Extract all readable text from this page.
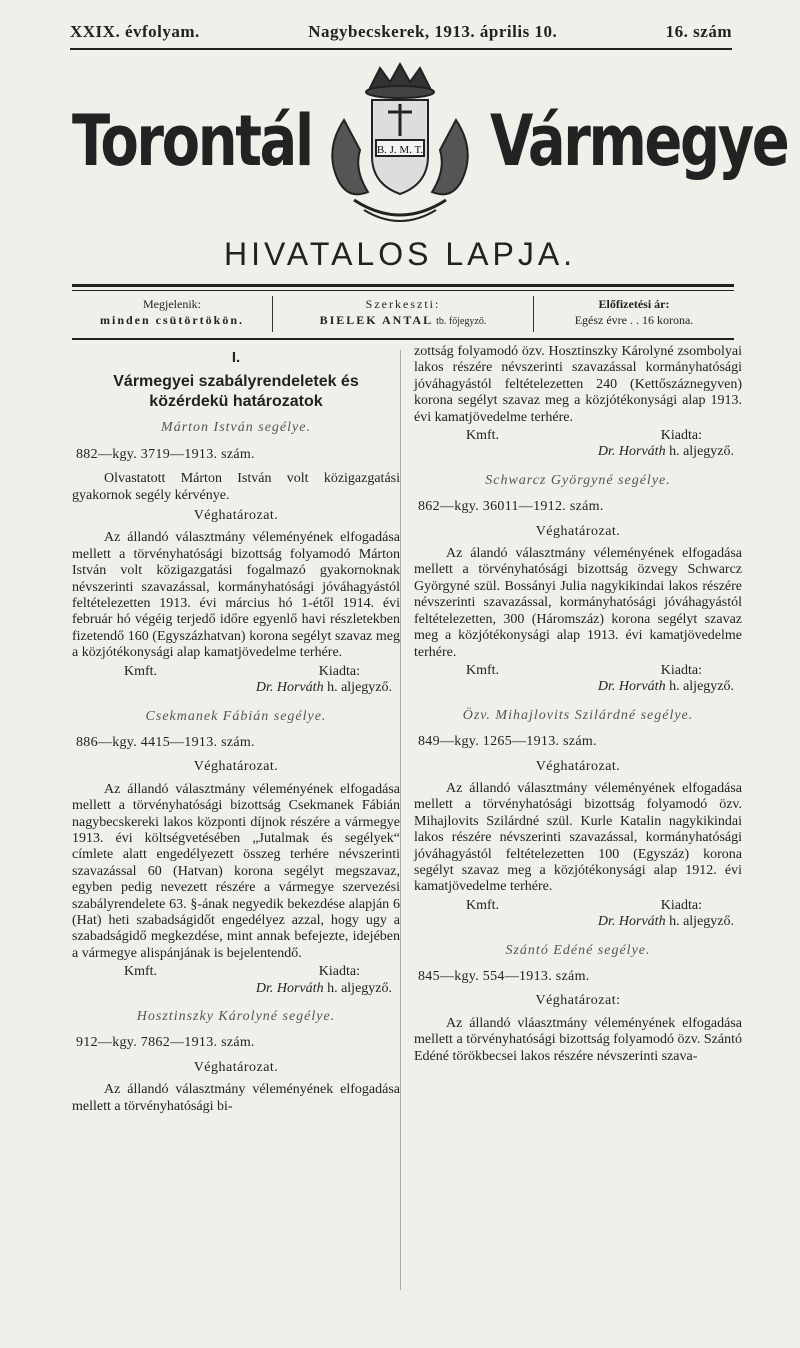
XXIX. évfolyam.	Nagybecskerek, 1913. április 10.	16. szám
Torontál	Vármegye
B. J. M. T.
HIVATALOS LAPJA.
Megjelenik:
minden csütörtökön.
Szerkeszti:
BIELEK ANTAL tb. főjegyző.
Előfizetési ár:
Egész évre . . 16 korona.
I.
Vármegyei szabályrendeletek és közérdekü határozatok
Márton István segélye.
882—kgy. 3719—1913. szám.

Olvastatott Márton István volt közigazgatási gyakornok segély kérvénye.

Véghatározat.

Az állandó választmány véleményének elfogadása mellett a törvényhatósági bizottság folyamodó Márton István volt közigazgatási fogalmazó gyakornoknak névszerinti szavazással, kormányhatósági jóváhagyástól feltételezetten 1913. évi március hó 1-étől 1914. évi február hó végéig terjedő időre egyenlő havi részletekben fizetendő 160 (Egyszázhatvan) korona segélyt szavaz meg a közjótékonysági alap kamatjövedelme terhére.

Kmft.	Kiadta:
Dr. Horváth h. aljegyző.
Csekmanek Fábián segélye.
886—kgy. 4415—1913. szám.
Véghatározat.

Az állandó választmány véleményének elfogadása mellett a törvényhatósági bizottság Csekmanek Fábián nagybecskereki lakos központi díjnok részére a vármegye 1913. évi költségvetésében „Jutalmak és segélyek“ címlete alatt engedélyezett összeg terhére névszerinti szavazással 60 (Hatvan) korona segélyt megszavaz, egyben pedig nevezett részére a vármegye szervezési szabályrendelete 63. §-ának negyedik bekezdése alapján 6 (Hat) heti szabadságidőt engedélyez azzal, hogy ugy a szabadságidő megkezdése, mint annak befejezte, idejében a vármegye alispánjának is bejelentendő.

Kmft.	Kiadta:
Dr. Horváth h. aljegyző.
Hosztinszky Károlyné segélye.
912—kgy. 7862—1913. szám.
Véghatározat.

Az állandó választmány véleményének elfogadása mellett a törvényhatósági bi-

zottság folyamodó özv. Hosztinszky Károlyné zsombolyai lakos részére névszerinti szavazással kormányhatósági jóváhagyástól feltételezetten 240 (Kettőszáznegyven) korona segélyt szavaz meg a közjótékonysági alap 1913. évi kamatjövedelme terhére.

Kmft.	Kiadta:
Dr. Horváth h. aljegyző.
Schwarcz Györgyné segélye.
862—kgy. 36011—1912. szám.
Véghatározat.

Az álandó választmány véleményének elfogadása mellett a törvényhatósági bizottság özvegy Schwarcz Györgyné szül. Bossányi Julia nagykikindai lakos részére névszerinti szavazással, kormányhatósági jóváhagyástól feltételezetten, 300 (Háromszáz) korona segélyt szavaz meg a közjótékonysági alap 1913. évi kamatjövedelme terhére.

Kmft.	Kiadta:
Dr. Horváth h. aljegyző.
Özv. Mihajlovits Szilárdné segélye.
849—kgy. 1265—1913. szám.
Véghatározat.

Az állandó választmány véleményének elfogadása mellett a törvényhatósági bizottság folyamodó özv. Mihajlovits Szilárdné szül. Kurle Katalin nagykikindai lakos részére névszerinti szavazással, kormányhatósági jóváhagyástól feltételezetten 100 (Egyszáz) korona segélyt szavaz meg a közjótékonysági alap 1912. évi kamatjövedelme terhére.

Kmft.	Kiadta:
Dr. Horváth h. aljegyző.
Szántó Edéné segélye.
845—kgy. 554—1913. szám.
Véghatározat:

Az állandó vláasztmány véleményének elfogadása mellett a törvényhatósági bizottság folyamodó özv. Szántó Edéné törökbecsei lakos részére névszerinti szava-
